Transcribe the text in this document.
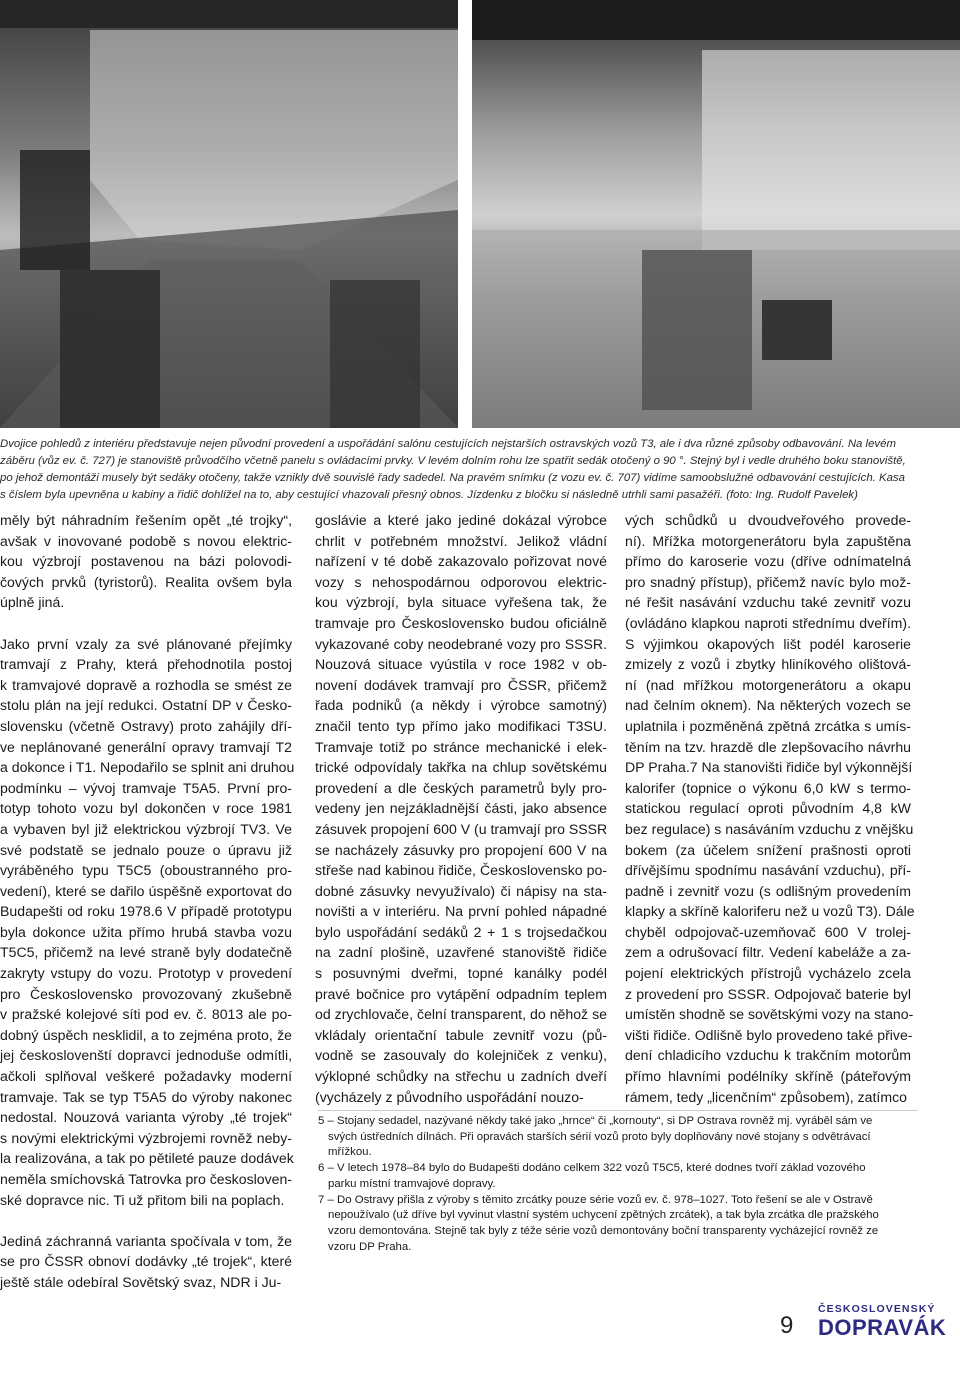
Dvojice pohledů z interiéru představuje nejen původní provedení a uspořádání salónu cestujících nejstarších ostravských vozů T3, ale i dva různé způsoby odbavování. Na levém
záběru (vůz ev. č. 727) je stanoviště průvodčího včetně panelu s ovládacími prvky. V levém dolním rohu lze spatřit sedák otočený o 90 °. Stejný byl i vedle druhého boku stanoviště,
po jehož demontáži musely být sedáky otočeny, takže vznikly dvě souvislé řady sadedel. Na pravém snímku (z vozu ev. č. 707) vidíme samoobslužné odbavování cestujících. Kasa
s číslem byla upevněna u kabiny a řidič dohlížel na to, aby cestující vhazovali přesný obnos. Jízdenku z bločku si následně utrhli sami pasažéři. (foto: Ing. Rudolf Pavelek)

měly být náhradním řešením opět „té trojky“,
avšak v inovované podobě s novou elektric-
kou výzbrojí postavenou na bázi polovodi-
čových prvků (tyristorů). Realita ovšem byla
úplně jiná.

Jako první vzaly za své plánované přejímky
tramvají z Prahy, která přehodnotila postoj
k tramvajové dopravě a rozhodla se smést ze
stolu plán na její redukci. Ostatní DP v Česko-
slovensku (včetně Ostravy) proto zahájily dří-
ve neplánované generální opravy tramvají T2
a dokonce i T1. Nepodařilo se splnit ani druhou
podmínku – vývoj tramvaje T5A5. První pro-
totyp tohoto vozu byl dokončen v roce 1981
a vybaven byl již elektrickou výzbrojí TV3. Ve
své podstatě se jednalo pouze o úpravu již
vyráběného typu T5C5 (oboustranného pro-
vedení), které se dařilo úspěšně exportovat do
Budapešti od roku 1978.6 V případě prototypu
byla dokonce užita přímo hrubá stavba vozu
T5C5, přičemž na levé straně byly dodatečně
zakryty vstupy do vozu. Prototyp v provedení
pro Československo provozovaný zkušebně
v pražské kolejové síti pod ev. č. 8013 ale po-
dobný úspěch nesklidil, a to zejména proto, že
jej českoslovenští dopravci jednoduše odmítli,
ačkoli splňoval veškeré požadavky moderní
tramvaje. Tak se typ T5A5 do výroby nakonec
nedostal. Nouzová varianta výroby „té trojek“
s novými elektrickými výzbrojemi rovněž neby-
la realizována, a tak po pětileté pauze dodávek
neměla smíchovská Tatrovka pro českosloven-
ské dopravce nic. Ti už přitom bili na poplach.

Jediná záchranná varianta spočívala v tom, že
se pro ČSSR obnoví dodávky „té trojek“, které
ještě stále odebíral Sovětský svaz, NDR i Ju-

goslávie a které jako jediné dokázal výrobce
chrlit v potřebném množství. Jelikož vládní
nařízení v té době zakazovalo pořizovat nové
vozy s nehospodárnou odporovou elektric-
kou výzbrojí, byla situace vyřešena tak, že
tramvaje pro Československo budou oficiálně
vykazované coby neodebrané vozy pro SSSR.
Nouzová situace vyústila v roce 1982 v ob-
novení dodávek tramvají pro ČSSR, přičemž
řada podniků (a někdy i výrobce samotný)
značil tento typ přímo jako modifikaci T3SU.
Tramvaje totiž po stránce mechanické i elek-
trické odpovídaly takřka na chlup sovětskému
provedení a dle českých parametrů byly pro-
vedeny jen nejzákladnější části, jako absence
zásuvek propojení 600 V (u tramvají pro SSSR
se nacházely zásuvky pro propojení 600 V na
střeše nad kabinou řidiče, Československo po-
dobné zásuvky nevyužívalo) či nápisy na sta-
novišti a v interiéru. Na první pohled nápadné
bylo uspořádání sedáků 2 + 1 s trojsedačkou
na zadní plošině, uzavřené stanoviště řidiče
s posuvnými dveřmi, topné kanálky podél
pravé bočnice pro vytápění odpadním teplem
od zrychlovače, čelní transparent, do něhož se
vkládaly orientační tabule zevnitř vozu (pů-
vodně se zasouvaly do kolejniček z venku),
výklopné schůdky na střechu u zadních dveří
(vycházely z původního uspořádání nouzo-

vých schůdků u dvoudveřového provede-
ní). Mřížka motorgenerátoru byla zapuštěna
přímo do karoserie vozu (dříve odnímatelná
pro snadný přístup), přičemž navíc bylo mož-
né řešit nasávání vzduchu také zevnitř vozu
(ovládáno klapkou naproti střednímu dveřím).
S výjimkou okapových lišt podél karoserie
zmizely z vozů i zbytky hliníkového olištová-
ní (nad mřížkou motorgenerátoru a okapu
nad čelním oknem). Na některých vozech se
uplatnila i pozměněná zpětná zrcátka s umís-
těním na tzv. hrazdě dle zlepšovacího návrhu
DP Praha.7 Na stanovišti řidiče byl výkonnější
kalorifer (topnice o výkonu 6,0 kW s termo-
statickou regulací oproti původním 4,8 kW
bez regulace) s nasáváním vzduchu z vnějšku
bokem (za účelem snížení prašnosti oproti
dřívějšímu spodnímu nasávání vzduchu), pří-
padně i zevnitř vozu (s odlišným provedením
klapky a skříně kaloriferu než u vozů T3). Dále
chyběl odpojovač-uzemňovač 600 V trolej-
zem a odrušovací filtr. Vedení kabeláže a za-
pojení elektrických přístrojů vycházelo zcela
z provedení pro SSSR. Odpojovač baterie byl
umístěn shodně se sovětskými vozy na stano-
višti řidiče. Odlišně bylo provedeno také přive-
dení chladicího vzduchu k trakčním motorům
přímo hlavními podélníky skříně (páteřovým
rámem, tedy „licenčním“ způsobem), zatímco

5 – Stojany sedadel, nazývané někdy také jako „hrnce“ či „kornouty“, si DP Ostrava rovněž mj. vyráběl sám ve
svých ústředních dílnách. Při opravách starších sérií vozů proto byly doplňovány nové stojany s odvětrávací
mřížkou.
6 – V letech 1978–84 bylo do Budapešti dodáno celkem 322 vozů T5C5, které dodnes tvoří základ vozového
parku místní tramvajové dopravy.
7 – Do Ostravy přišla z výroby s těmito zrcátky pouze série vozů ev. č. 978–1027. Toto řešení se ale v Ostravě
nepoužívalo (už dříve byl vyvinut vlastní systém uchycení zpětných zrcátek), a tak byla zrcátka dle pražského
vzoru demontována. Stejně tak byly z téže série vozů demontovány boční transparenty vycházející rovněž ze
vzoru DP Praha.
9
ČESKOSLOVENSKÝ
DOPRAVÁK
